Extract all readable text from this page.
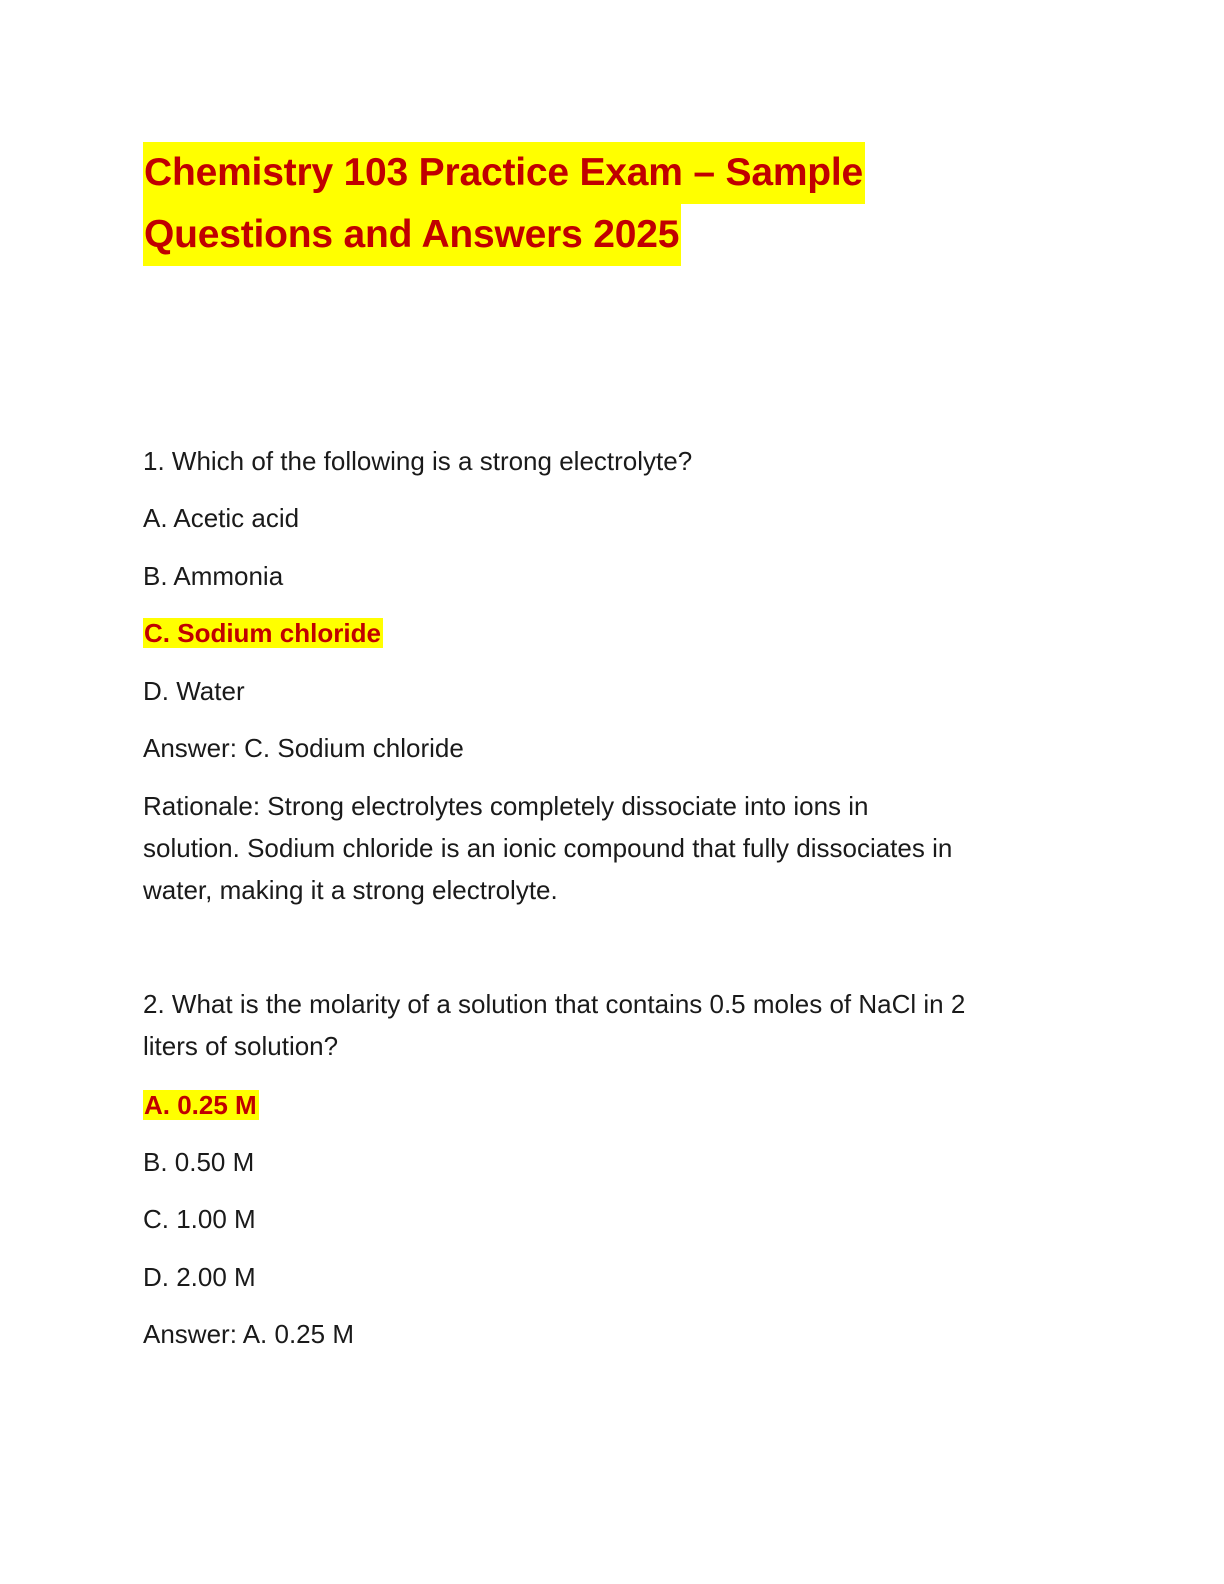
Chemistry 103 Practice Exam – Sample
Questions and Answers 2025
1. Which of the following is a strong electrolyte?
A. Acetic acid
B. Ammonia
C. Sodium chloride
D. Water
Answer: C. Sodium chloride
Rationale: Strong electrolytes completely dissociate into ions in
solution. Sodium chloride is an ionic compound that fully dissociates in
water, making it a strong electrolyte.
2. What is the molarity of a solution that contains 0.5 moles of NaCl in 2
liters of solution?
A. 0.25 M
B. 0.50 M
C. 1.00 M
D. 2.00 M
Answer: A. 0.25 M
